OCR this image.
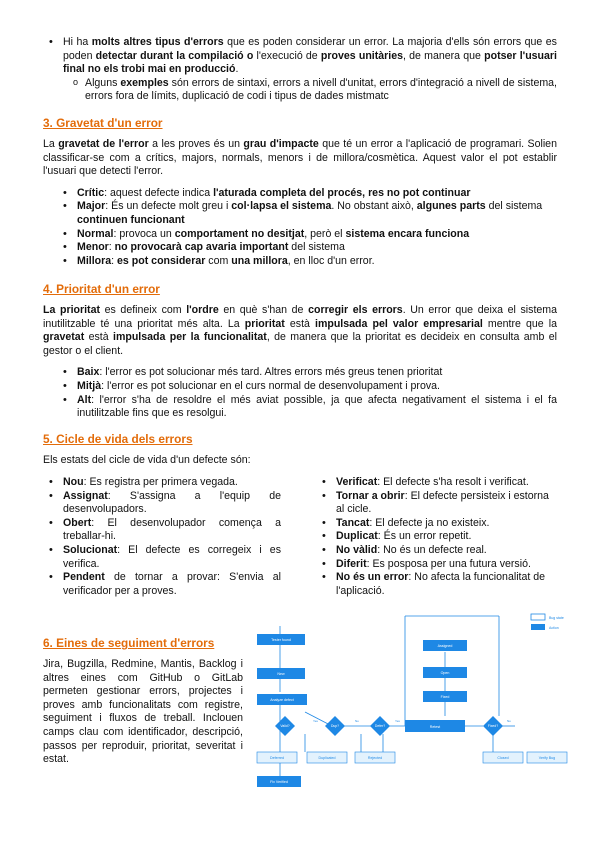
• Hi ha molts altres tipus d'errors que es poden considerar un error. La majoria d'ells són errors que es poden detectar durant la compilació o l'execució de proves unitàries, de manera que potser l'usuari final no els trobi mai en producció.
o Alguns exemples són errors de sintaxi, errors a nivell d'unitat, errors d'integració a nivell de sistema, errors fora de límits, duplicació de codi i tipus de dades mistmatc
3. Gravetat d'un error

La gravetat de l'error a les proves és un grau d'impacte que té un error a l'aplicació de programari. Solien classificar-se com a crítics, majors, normals, menors i de millora/cosmètica. Aquest valor el pot establir l'usuari que detecti l'error.

• Crític: aquest defecte indica l'aturada completa del procés, res no pot continuar
• Major: És un defecte molt greu i col·lapsa el sistema. No obstant això, algunes parts del sistema continuen funcionant
• Normal: provoca un comportament no desitjat, però el sistema encara funciona
• Menor: no provocarà cap avaria important del sistema
• Millora: es pot considerar com una millora, en lloc d'un error.
4. Prioritat d'un error

La prioritat es defineix com l'ordre en què s'han de corregir els errors. Un error que deixa el sistema inutilitzable té una prioritat més alta. La prioritat està impulsada pel valor empresarial mentre que la gravetat està impulsada per la funcionalitat, de manera que la prioritat es decideix en consulta amb el gestor o el client.

• Baix: l'error es pot solucionar més tard. Altres errors més greus tenen prioritat
• Mitjà: l'error es pot solucionar en el curs normal de desenvolupament i prova.
• Alt: l'error s'ha de resoldre el més aviat possible, ja que afecta negativament el sistema i el fa inutilitzable fins que es resolgui.
5. Cicle de vida dels errors

Els estats del cicle de vida d'un defecte són:

• Nou: Es registra per primera vegada.
• Assignat: S'assigna a l'equip de desenvolupadors.
• Obert: El desenvolupador comença a treballar-hi.
• Solucionat: El defecte es corregeix i es verifica.
• Pendent de tornar a provar: S'envia al verificador per a proves.
• Verificat: El defecte s'ha resolt i verificat.
• Tornar a obrir: El defecte persisteix i estorna al cicle.
• Tancat: El defecte ja no existeix.
• Duplicat: És un error repetit.
• No vàlid: No és un defecte real.
• Diferit: Es posposa per una futura versió.
• No és un error: No afecta la funcionalitat de l'aplicació.
6. Eines de seguiment d'errors

Jira, Bugzilla, Redmine, Mantis, Backlog i altres eines com GitHub o GitLab permeten gestionar errors, projectes i proves amb funcionalitats com registre, seguiment i fluxos de treball. Inclouen camps clau com identificador, descripció, passos per reproduir, prioritat, severitat i estat.

Bug state
Action
Tester found
New
Analyze defect
Assigned
Open
Fixed
Retest
Fix Verified
Deferred	Duplicated	Rejected	Closed	Verify Bug
Valid?	Dup?	Defer?	Fixed?
Yes	No	Yes	No
